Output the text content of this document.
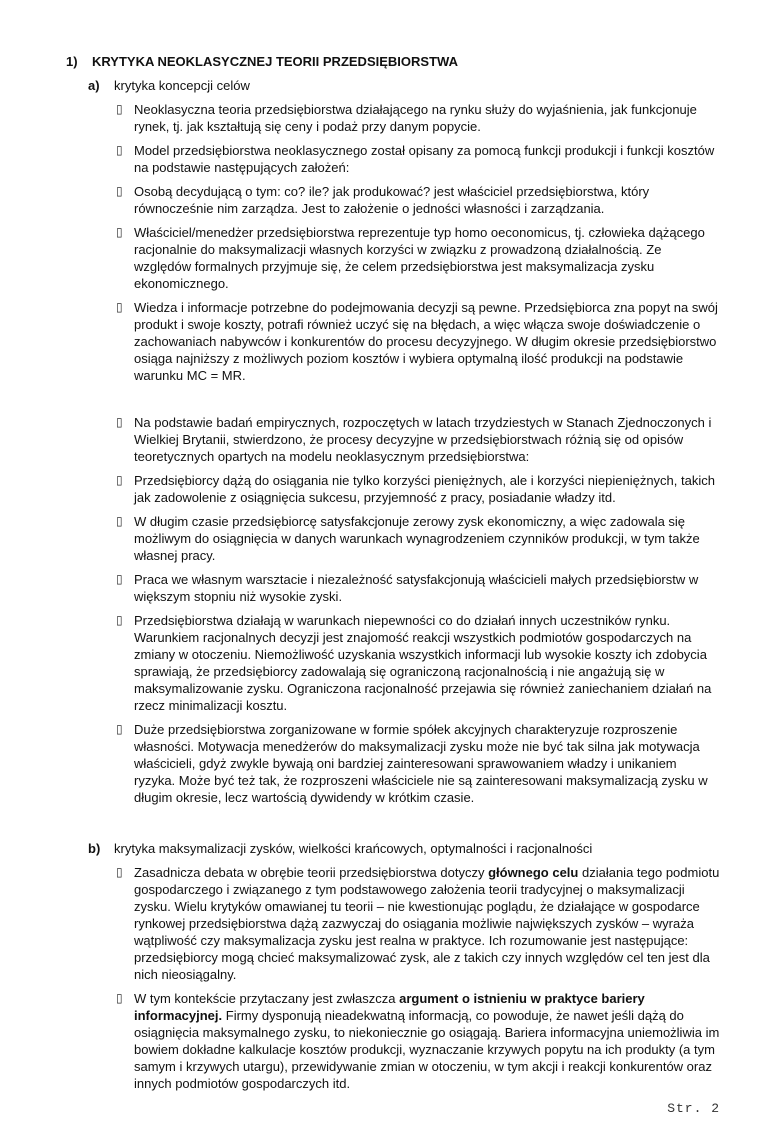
1) KRYTYKA NEOKLASYCZNEJ TEORII PRZEDSIĘBIORSTWA
a) krytyka koncepcji celów
▯ Neoklasyczna teoria przedsiębiorstwa działającego na rynku służy do wyjaśnienia, jak funkcjonuje rynek, tj. jak kształtują się ceny i podaż przy danym popycie.
▯ Model przedsiębiorstwa neoklasycznego został opisany za pomocą funkcji produkcji i funkcji kosztów na podstawie następujących założeń:
▯ Osobą decydującą o tym: co? ile? jak produkować? jest właściciel przedsiębiorstwa, który równocześnie nim zarządza. Jest to założenie o jedności własności i zarządzania.
▯ Właściciel/menedżer przedsiębiorstwa reprezentuje typ homo oeconomicus, tj. człowieka dążącego racjonalnie do maksymalizacji własnych korzyści w związku z prowadzoną działalnością. Ze względów formalnych przyjmuje się, że celem przedsiębiorstwa jest maksymalizacja zysku ekonomicznego.
▯ Wiedza i informacje potrzebne do podejmowania decyzji są pewne. Przedsiębiorca zna popyt na swój produkt i swoje koszty, potrafi również uczyć się na błędach, a więc włącza swoje doświadczenie o zachowaniach nabywców i konkurentów do procesu decyzyjnego. W długim okresie przedsiębiorstwo osiąga najniższy z możliwych poziom kosztów i wybiera optymalną ilość produkcji na podstawie warunku MC = MR.
▯ Na podstawie badań empirycznych, rozpoczętych w latach trzydziestych w Stanach Zjednoczonych i Wielkiej Brytanii, stwierdzono, że procesy decyzyjne w przedsiębiorstwach różnią się od opisów teoretycznych opartych na modelu neoklasycznym przedsiębiorstwa:
▯ Przedsiębiorcy dążą do osiągania nie tylko korzyści pieniężnych, ale i korzyści niepieniężnych, takich jak zadowolenie z osiągnięcia sukcesu, przyjemność z pracy, posiadanie władzy itd.
▯ W długim czasie przedsiębiorcę satysfakcjonuje zerowy zysk ekonomiczny, a więc zadowala się możliwym do osiągnięcia w danych warunkach wynagrodzeniem czynników produkcji, w tym także własnej pracy.
▯ Praca we własnym warsztacie i niezależność satysfakcjonują właścicieli małych przedsiębiorstw w większym stopniu niż wysokie zyski.
▯ Przedsiębiorstwa działają w warunkach niepewności co do działań innych uczestników rynku. Warunkiem racjonalnych decyzji jest znajomość reakcji wszystkich podmiotów gospodarczych na zmiany w otoczeniu. Niemożliwość uzyskania wszystkich informacji lub wysokie koszty ich zdobycia sprawiają, że przedsiębiorcy zadowalają się ograniczoną racjonalnością i nie angażują się w maksymalizowanie zysku. Ograniczona racjonalność przejawia się również zaniechaniem działań na rzecz minimalizacji kosztu.
▯ Duże przedsiębiorstwa zorganizowane w formie spółek akcyjnych charakteryzuje rozproszenie własności. Motywacja menedżerów do maksymalizacji zysku może nie być tak silna jak motywacja właścicieli, gdyż zwykle bywają oni bardziej zainteresowani sprawowaniem władzy i unikaniem ryzyka. Może być też tak, że rozproszeni właściciele nie są zainteresowani maksymalizacją zysku w długim okresie, lecz wartością dywidendy w krótkim czasie.
b) krytyka maksymalizacji zysków, wielkości krańcowych, optymalności i racjonalności
▯ Zasadnicza debata w obrębie teorii przedsiębiorstwa dotyczy głównego celu działania tego podmiotu gospodarczego i związanego z tym podstawowego założenia teorii tradycyjnej o maksymalizacji zysku. Wielu krytyków omawianej tu teorii – nie kwestionując poglądu, że działające w gospodarce rynkowej przedsiębiorstwa dążą zazwyczaj do osiągania możliwie największych zysków – wyraża wątpliwość czy maksymalizacja zysku jest realna w praktyce. Ich rozumowanie jest następujące: przedsiębiorcy mogą chcieć maksymalizować zysk, ale z takich czy innych względów cel ten jest dla nich nieosiągalny.
▯ W tym kontekście przytaczany jest zwłaszcza argument o istnieniu w praktyce bariery informacyjnej. Firmy dysponują nieadekwatną informacją, co powoduje, że nawet jeśli dążą do osiągnięcia maksymalnego zysku, to niekoniecznie go osiągają. Bariera informacyjna uniemożliwia im bowiem dokładne kalkulacje kosztów produkcji, wyznaczanie krzywych popytu na ich produkty (a tym samym i krzywych utargu), przewidywanie zmian w otoczeniu, w tym akcji i reakcji konkurentów oraz innych podmiotów gospodarczych itd.
Str. 2
